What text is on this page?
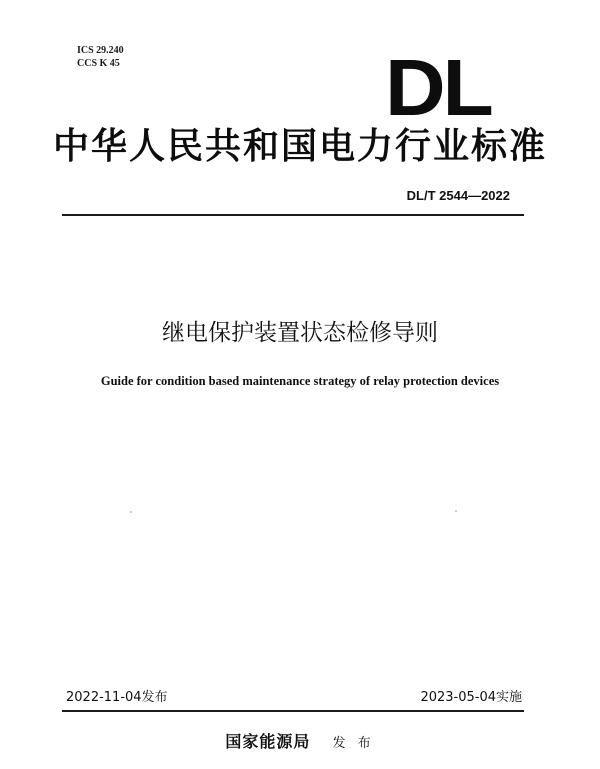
ICS 29.240
CCS K 45	DL
中华人民共和国电力行业标准
DL/T 2544—2022
继电保护装置状态检修导则
Guide for condition based maintenance strategy of relay protection devices
2022-11-04发布	2023-05-04实施
国家能源局 发 布
